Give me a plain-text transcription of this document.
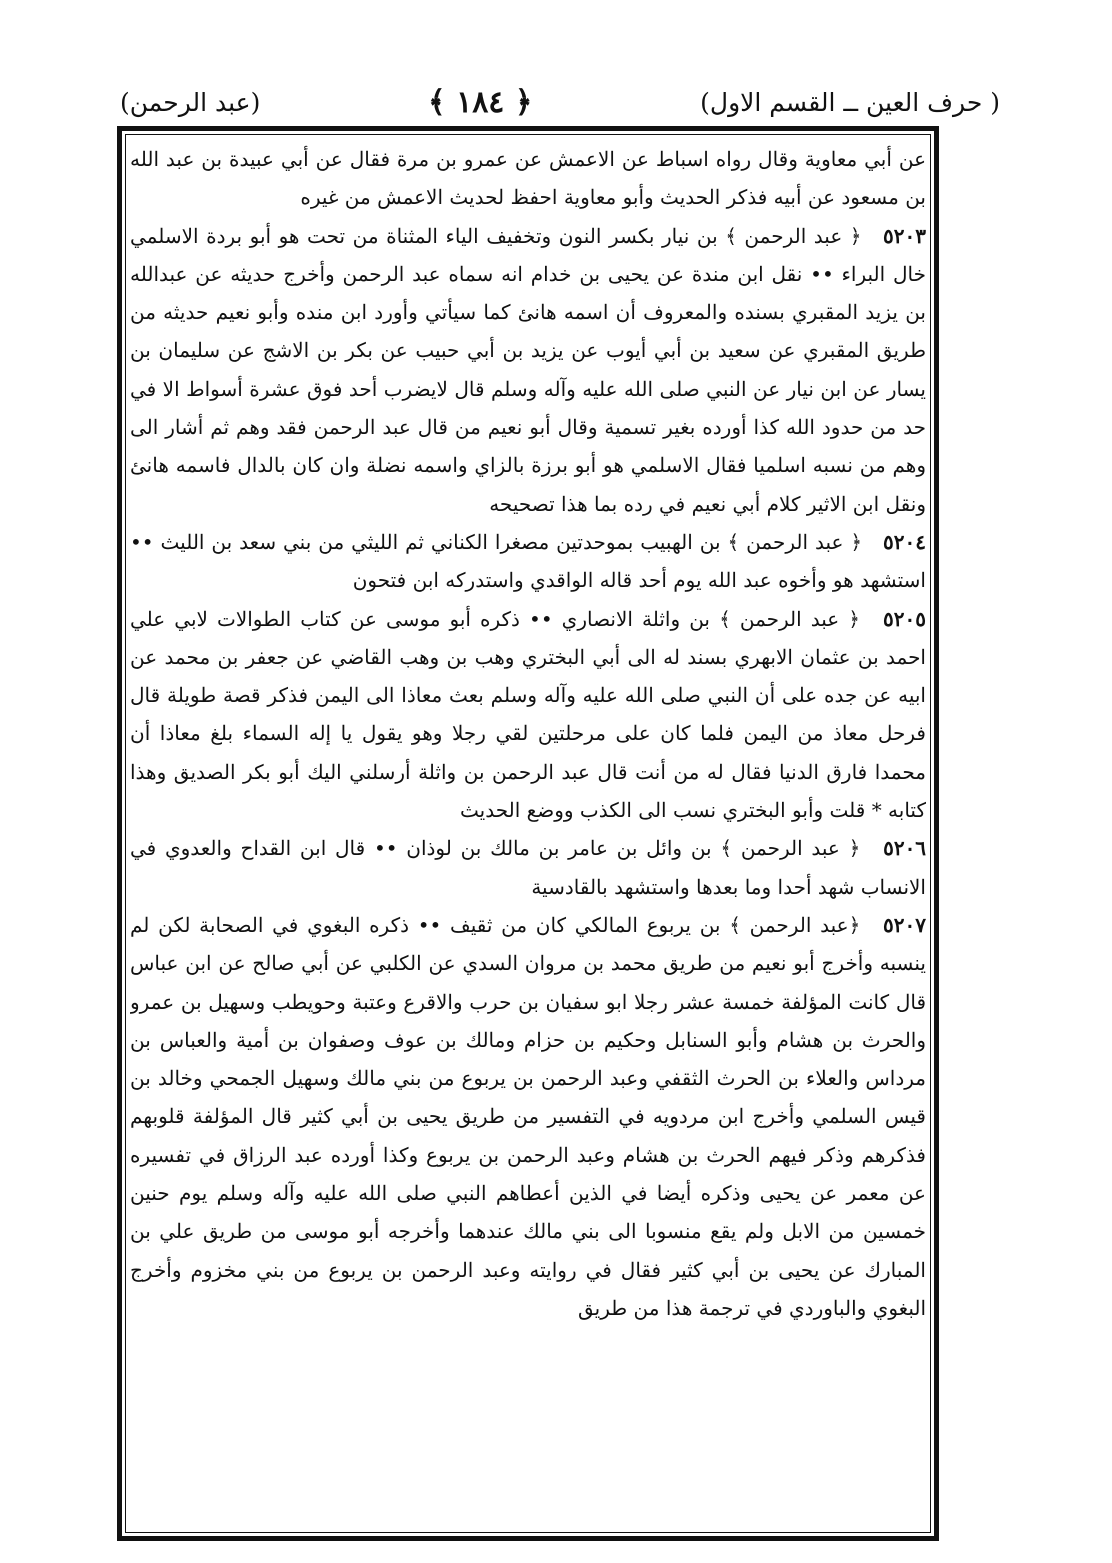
( حرف العين ــ القسم الاول)
﴿ ١٨٤ ﴾
(عبد الرحمن)

عن أبي معاوية وقال رواه اسباط عن الاعمش عن عمرو بن مرة فقال عن أبي عبيدة بن عبد الله بن مسعود عن أبيه فذكر الحديث وأبو معاوية احفظ لحديث الاعمش من غيره

٥٢٠٣ ﴿ عبد الرحمن ﴾ بن نيار بكسر النون وتخفيف الياء المثناة من تحت هو أبو بردة الاسلمي خال البراء •• نقل ابن مندة عن يحيى بن خدام انه سماه عبد الرحمن وأخرج حديثه عن عبدالله بن يزيد المقبري بسنده والمعروف أن اسمه هانئ كما سيأتي وأورد ابن منده وأبو نعيم حديثه من طريق المقبري عن سعيد بن أبي أيوب عن يزيد بن أبي حبيب عن بكر بن الاشج عن سليمان بن يسار عن ابن نيار عن النبي صلى الله عليه وآله وسلم قال لايضرب أحد فوق عشرة أسواط الا في حد من حدود الله كذا أورده بغير تسمية وقال أبو نعيم من قال عبد الرحمن فقد وهم ثم أشار الى وهم من نسبه اسلميا فقال الاسلمي هو أبو برزة بالزاي واسمه نضلة وان كان بالدال فاسمه هانئ ونقل ابن الاثير كلام أبي نعيم في رده بما هذا تصحيحه

٥٢٠٤ ﴿ عبد الرحمن ﴾ بن الهبيب بموحدتين مصغرا الكناني ثم الليثي من بني سعد بن الليث •• استشهد هو وأخوه عبد الله يوم أحد قاله الواقدي واستدركه ابن فتحون

٥٢٠٥ ﴿ عبد الرحمن ﴾ بن واثلة الانصاري •• ذكره أبو موسى عن كتاب الطوالات لابي علي احمد بن عثمان الابهري بسند له الى أبي البختري وهب بن وهب القاضي عن جعفر بن محمد عن ابيه عن جده على أن النبي صلى الله عليه وآله وسلم بعث معاذا الى اليمن فذكر قصة طويلة قال فرحل معاذ من اليمن فلما كان على مرحلتين لقي رجلا وهو يقول يا إله السماء بلغ معاذا أن محمدا فارق الدنيا فقال له من أنت قال عبد الرحمن بن واثلة أرسلني اليك أبو بكر الصديق وهذا كتابه * قلت وأبو البختري نسب الى الكذب ووضع الحديث

٥٢٠٦ ﴿ عبد الرحمن ﴾ بن وائل بن عامر بن مالك بن لوذان •• قال ابن القداح والعدوي في الانساب شهد أحدا وما بعدها واستشهد بالقادسية

٥٢٠٧ ﴿عبد الرحمن ﴾ بن يربوع المالكي كان من ثقيف •• ذكره البغوي في الصحابة لكن لم ينسبه وأخرج أبو نعيم من طريق محمد بن مروان السدي عن الكلبي عن أبي صالح عن ابن عباس قال كانت المؤلفة خمسة عشر رجلا ابو سفيان بن حرب والاقرع وعتبة وحويطب وسهيل بن عمرو والحرث بن هشام وأبو السنابل وحكيم بن حزام ومالك بن عوف وصفوان بن أمية والعباس بن مرداس والعلاء بن الحرث الثقفي وعبد الرحمن بن يربوع من بني مالك وسهيل الجمحي وخالد بن قيس السلمي وأخرج ابن مردويه في التفسير من طريق يحيى بن أبي كثير قال المؤلفة قلوبهم فذكرهم وذكر فيهم الحرث بن هشام وعبد الرحمن بن يربوع وكذا أورده عبد الرزاق في تفسيره عن معمر عن يحيى وذكره أيضا في الذين أعطاهم النبي صلى الله عليه وآله وسلم يوم حنين خمسين من الابل ولم يقع منسوبا الى بني مالك عندهما وأخرجه أبو موسى من طريق علي بن المبارك عن يحيى بن أبي كثير فقال في روايته وعبد الرحمن بن يربوع من بني مخزوم وأخرج البغوي والباوردي في ترجمة هذا من طريق
